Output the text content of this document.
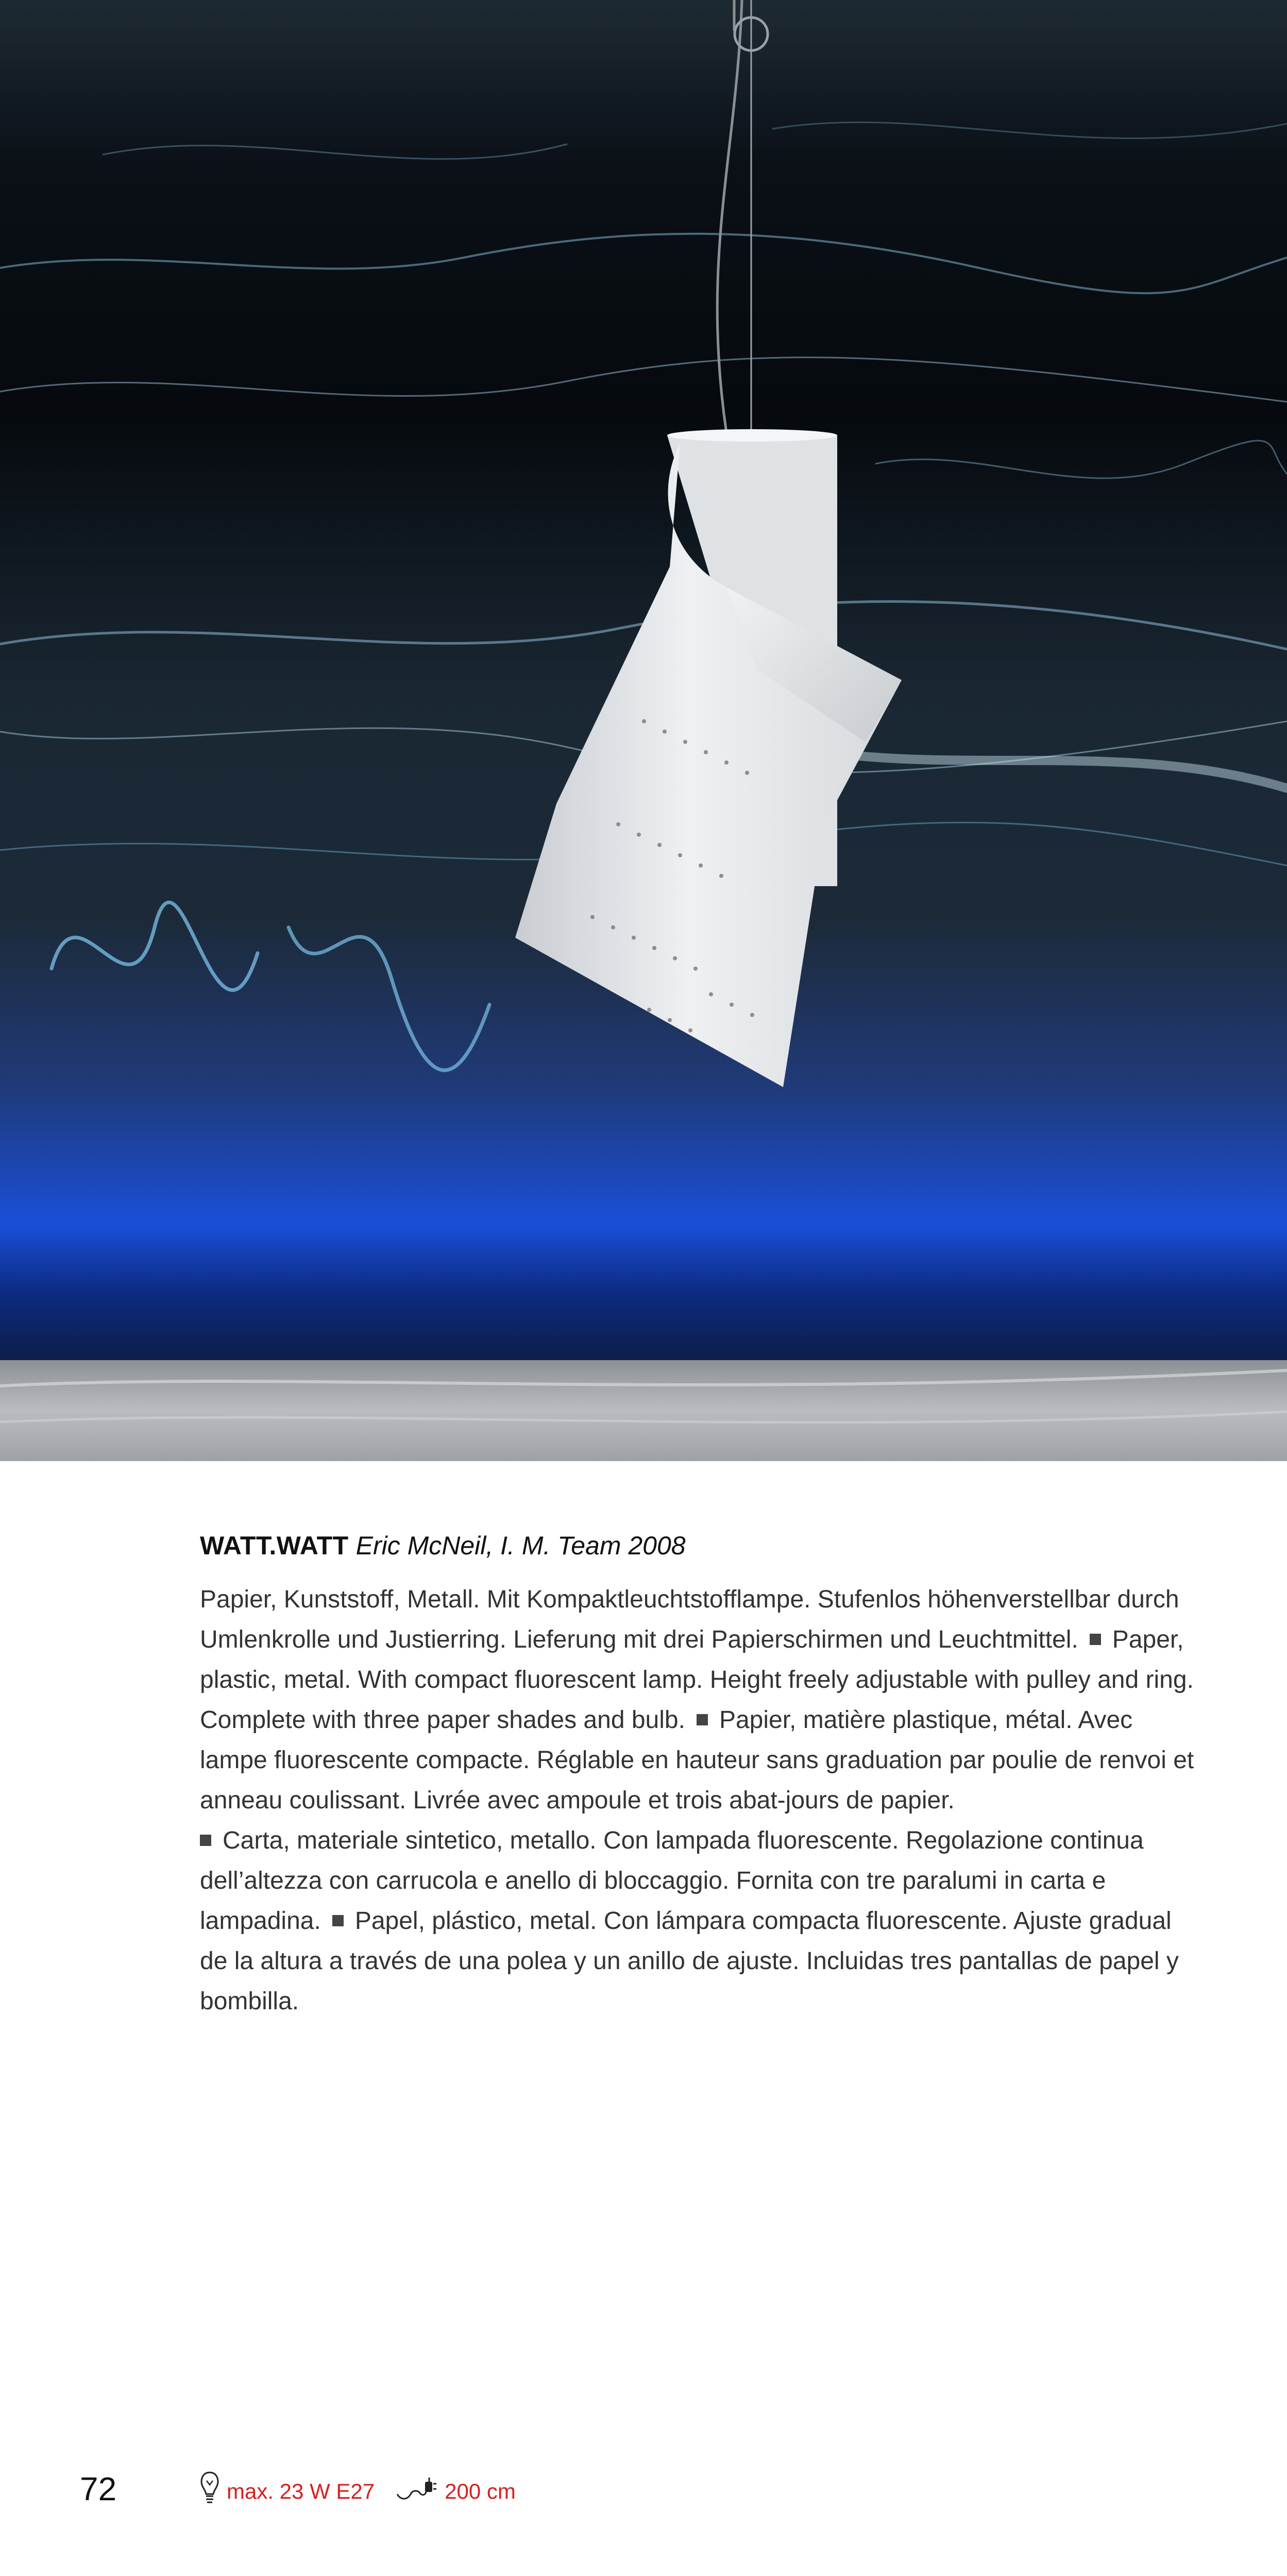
WATT.WATT Eric McNeil, I. M. Team 2008

Papier, Kunststoff, Metall. Mit Kompaktleuchtstofflampe. Stufenlos höhenverstellbar durch Umlenkrolle und Justierring. Lieferung mit drei Papierschirmen und Leuchtmittel. Paper, plastic, metal. With compact fluorescent lamp. Height freely adjustable with pulley and ring. Complete with three paper shades and bulb. Papier, matière plastique, métal. Avec lampe fluorescente compacte. Réglable en hauteur sans graduation par poulie de renvoi et anneau coulissant. Livrée avec ampoule et trois abat-jours de papier.
Carta, materiale sintetico, metallo. Con lampada fluorescente. Regolazione continua dell’altezza con carrucola e anello di bloccaggio. Fornita con tre paralumi in carta e lampadina. Papel, plástico, metal. Con lámpara compacta fluorescente. Ajuste gradual de la altura a través de una polea y un anillo de ajuste. Incluidas tres pantallas de papel y bombilla.

72	max. 23 W E27	200 cm
